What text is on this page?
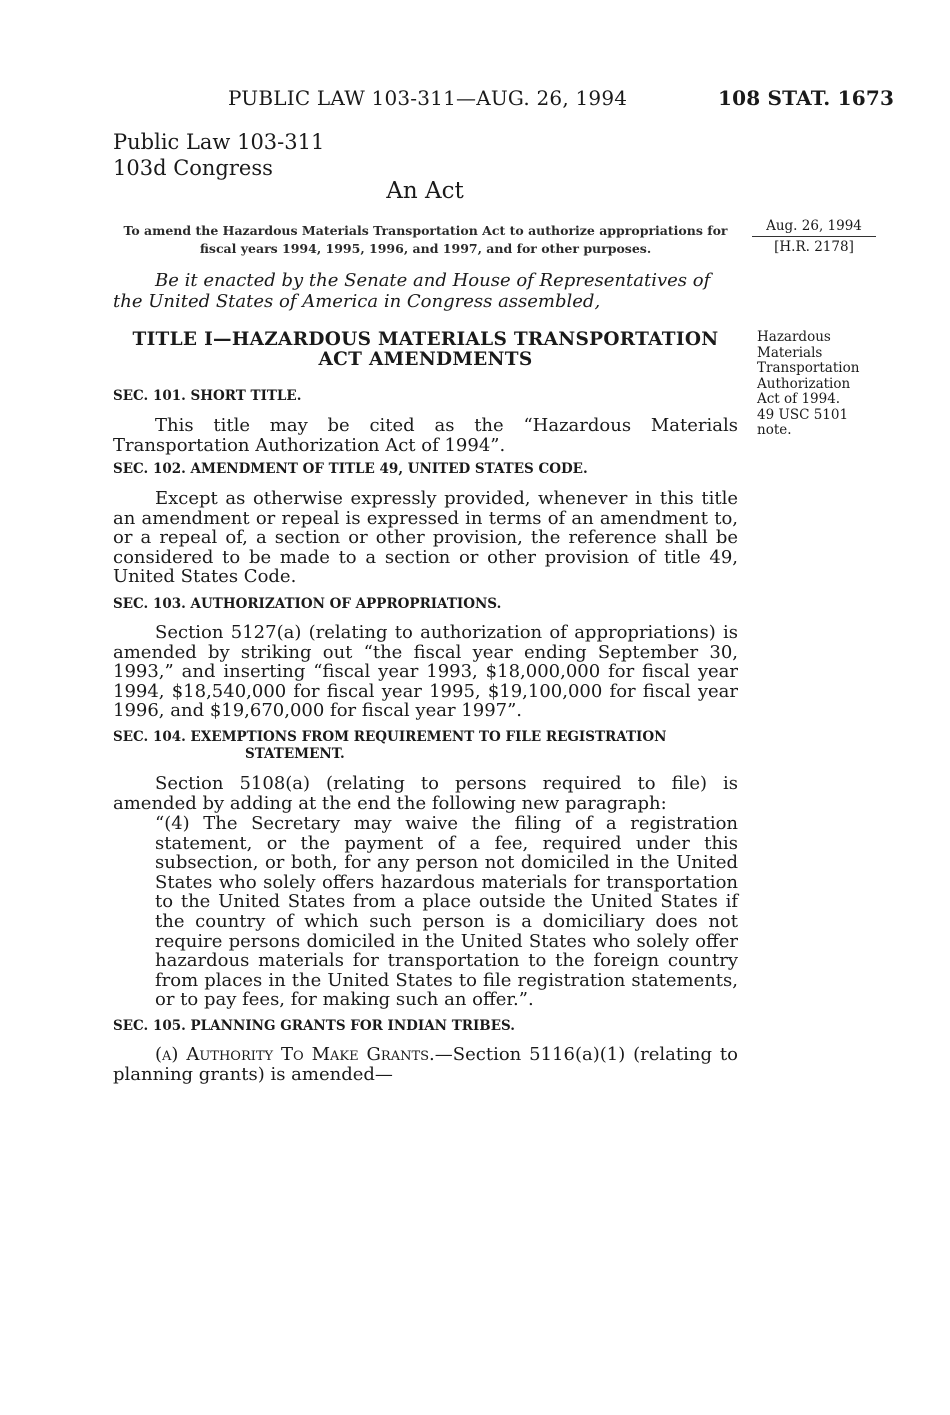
PUBLIC LAW 103-311—AUG. 26, 1994	108 STAT. 1673
Public Law 103-311
103d Congress
An Act
To amend the Hazardous Materials Transportation Act to authorize appropriations for fiscal years 1994, 1995, 1996, and 1997, and for other purposes.
Aug. 26, 1994
[H.R. 2178]
Be it enacted by the Senate and House of Representatives of the United States of America in Congress assembled,
TITLE I—HAZARDOUS MATERIALS TRANSPORTATION
ACT AMENDMENTS
Hazardous
Materials
Transportation
Authorization
Act of 1994.
49 USC 5101
note.
SEC. 101. SHORT TITLE.
This title may be cited as the “Hazardous Materials Transportation Authorization Act of 1994”.
SEC. 102. AMENDMENT OF TITLE 49, UNITED STATES CODE.
Except as otherwise expressly provided, whenever in this title an amendment or repeal is expressed in terms of an amendment to, or a repeal of, a section or other provision, the reference shall be considered to be made to a section or other provision of title 49, United States Code.
SEC. 103. AUTHORIZATION OF APPROPRIATIONS.
Section 5127(a) (relating to authorization of appropriations) is amended by striking out “the fiscal year ending September 30, 1993,” and inserting “fiscal year 1993, $18,000,000 for fiscal year 1994, $18,540,000 for fiscal year 1995, $19,100,000 for fiscal year 1996, and $19,670,000 for fiscal year 1997”.
SEC. 104. EXEMPTIONS FROM REQUIREMENT TO FILE REGISTRATION STATEMENT.
Section 5108(a) (relating to persons required to file) is amended by adding at the end the following new paragraph:
“(4) The Secretary may waive the filing of a registration statement, or the payment of a fee, required under this subsection, or both, for any person not domiciled in the United States who solely offers hazardous materials for transportation to the United States from a place outside the United States if the country of which such person is a domiciliary does not require persons domiciled in the United States who solely offer hazardous materials for transportation to the foreign country from places in the United States to file registration statements, or to pay fees, for making such an offer.”.
SEC. 105. PLANNING GRANTS FOR INDIAN TRIBES.
(a) Authority To Make Grants.—Section 5116(a)(1) (relating to planning grants) is amended—
